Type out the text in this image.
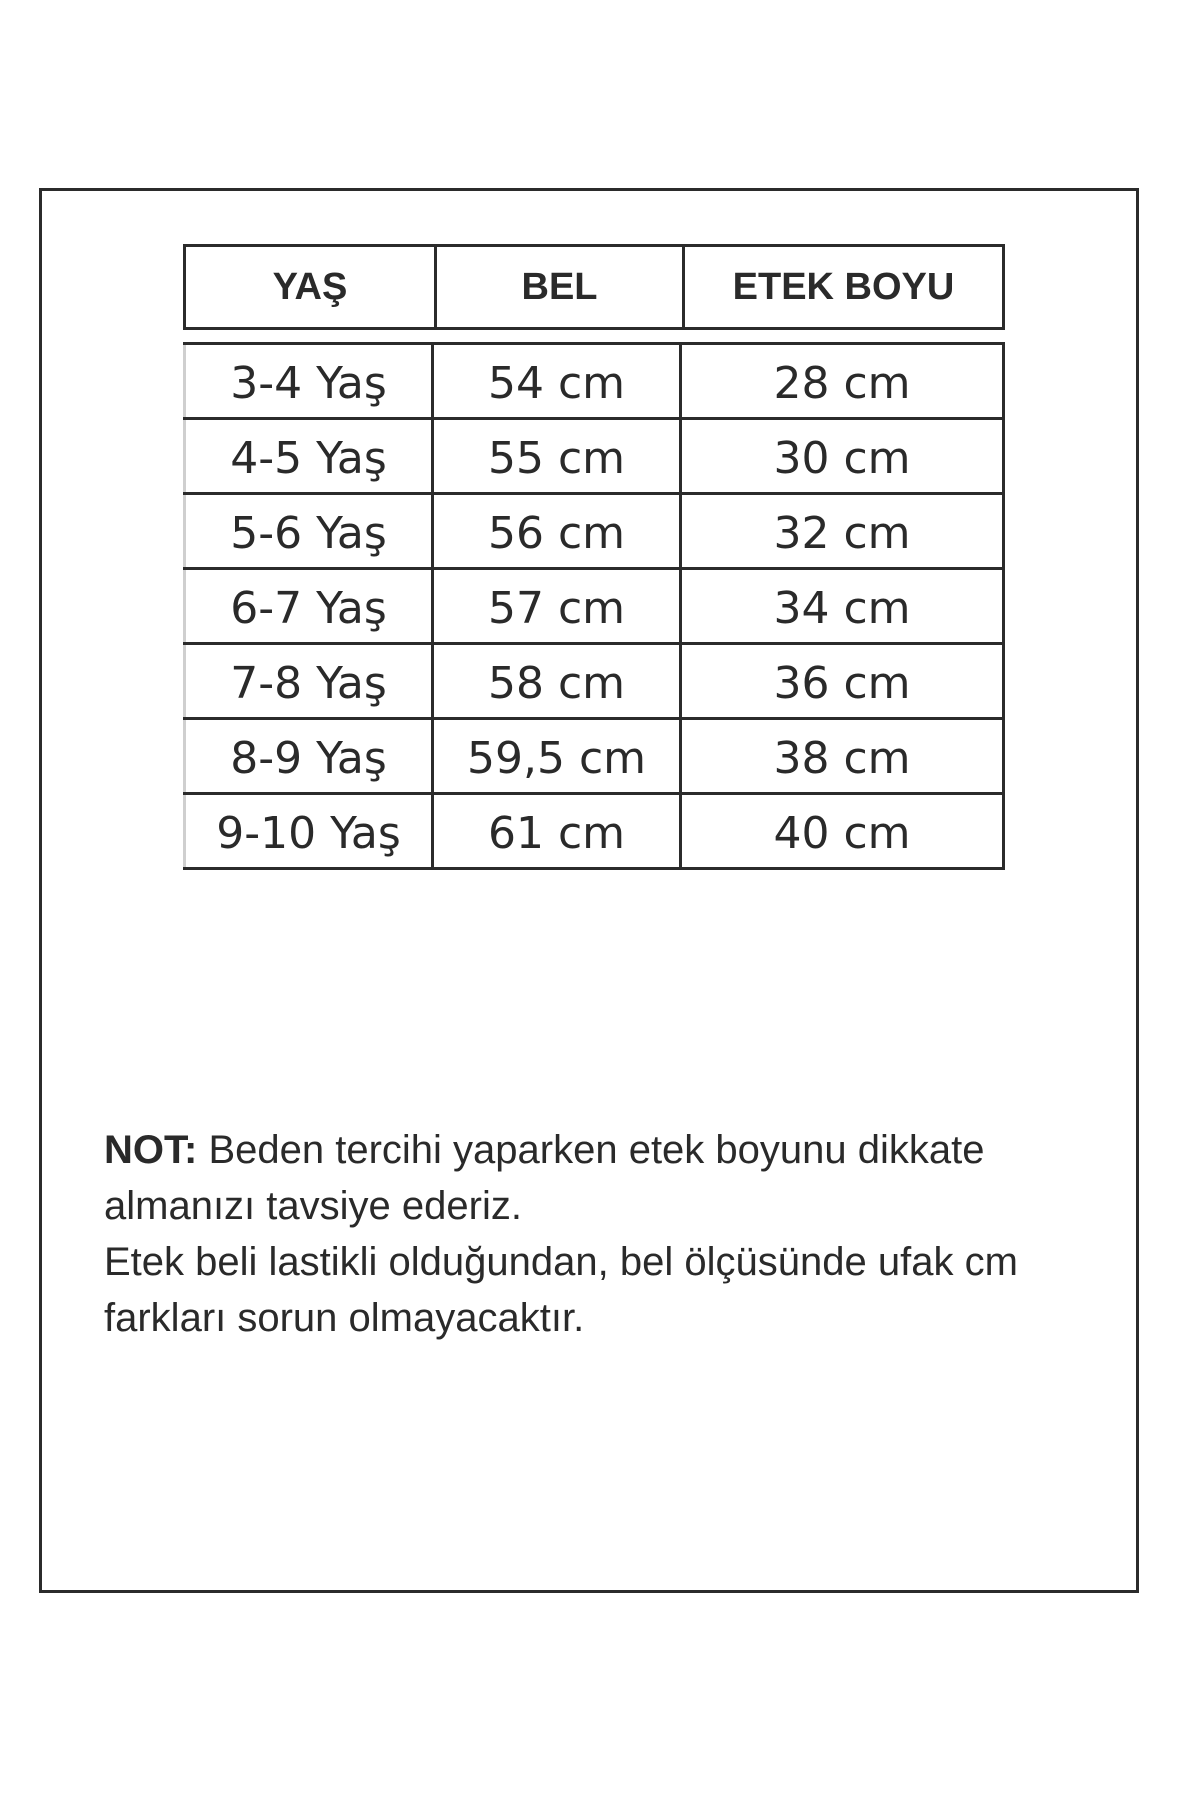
YAŞ	BEL	ETEK BOYU
3-4 Yaş	54 cm	28 cm
4-5 Yaş	55 cm	30 cm
5-6 Yaş	56 cm	32 cm
6-7 Yaş	57 cm	34 cm
7-8 Yaş	58 cm	36 cm
8-9 Yaş	59,5 cm	38 cm
9-10 Yaş	61 cm	40 cm

NOT: Beden tercihi yaparken etek boyunu dikkate almanızı tavsiye ederiz.

Etek beli lastikli olduğundan, bel ölçüsünde ufak cm farkları sorun olmayacaktır.
